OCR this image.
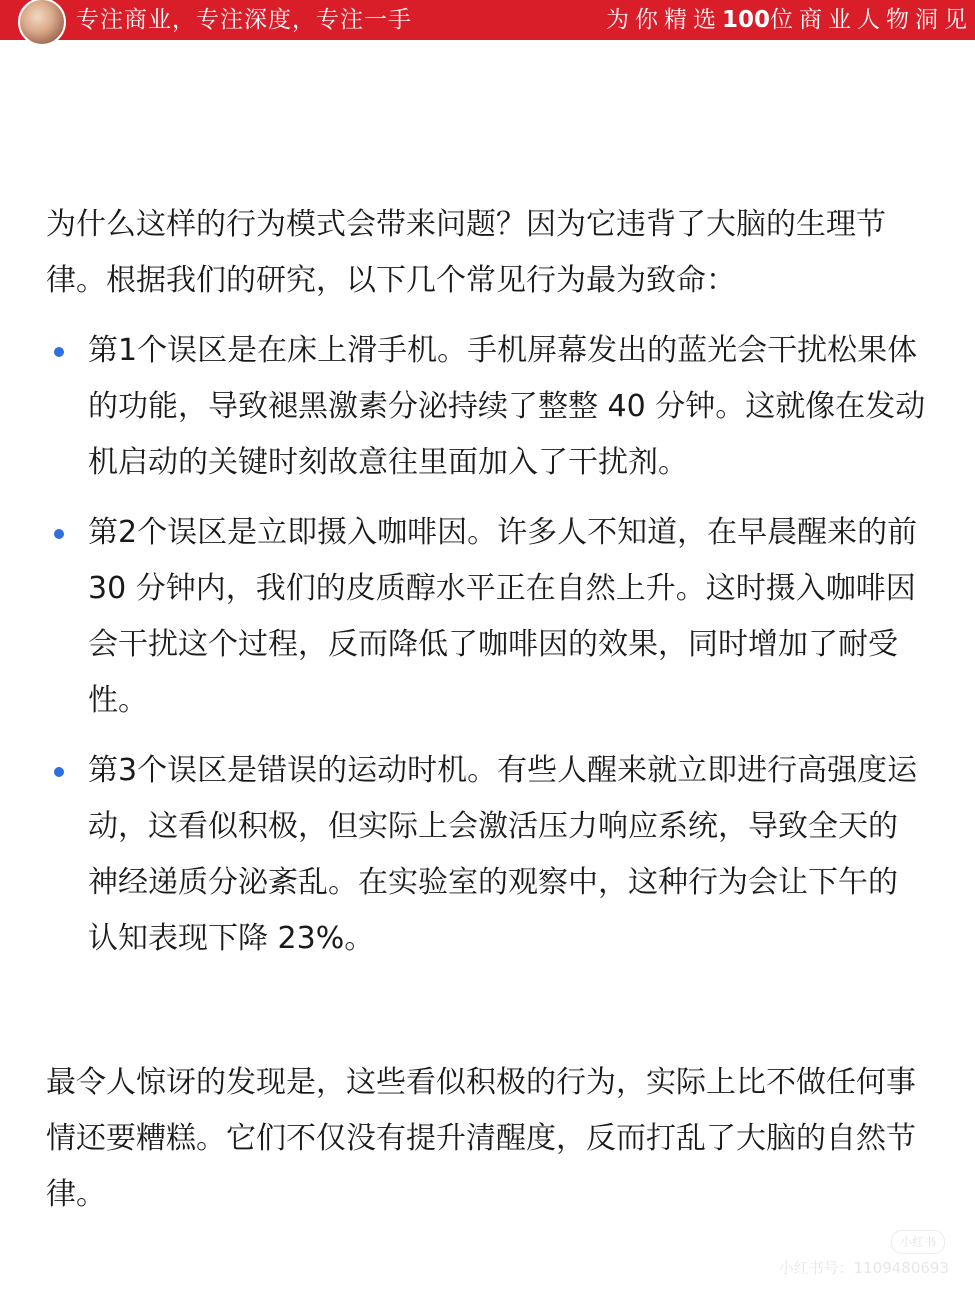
专注商业，专注深度，专注一手	为你精选100位商业人物洞见

为什么这样的行为模式会带来问题？因为它违背了大脑的生理节律。根据我们的研究，以下几个常见行为最为致命：

第1个误区是在床上滑手机。手机屏幕发出的蓝光会干扰松果体的功能，导致褪黑激素分泌持续了整整 40 分钟。这就像在发动机启动的关键时刻故意往里面加入了干扰剂。
第2个误区是立即摄入咖啡因。许多人不知道，在早晨醒来的前 30 分钟内，我们的皮质醇水平正在自然上升。这时摄入咖啡因会干扰这个过程，反而降低了咖啡因的效果，同时增加了耐受性。
第3个误区是错误的运动时机。有些人醒来就立即进行高强度运动，这看似积极，但实际上会激活压力响应系统，导致全天的神经递质分泌紊乱。在实验室的观察中，这种行为会让下午的认知表现下降 23%。

最令人惊讶的发现是，这些看似积极的行为，实际上比不做任何事情还要糟糕。它们不仅没有提升清醒度，反而打乱了大脑的自然节律。

小红书
小红书号：1109480693
